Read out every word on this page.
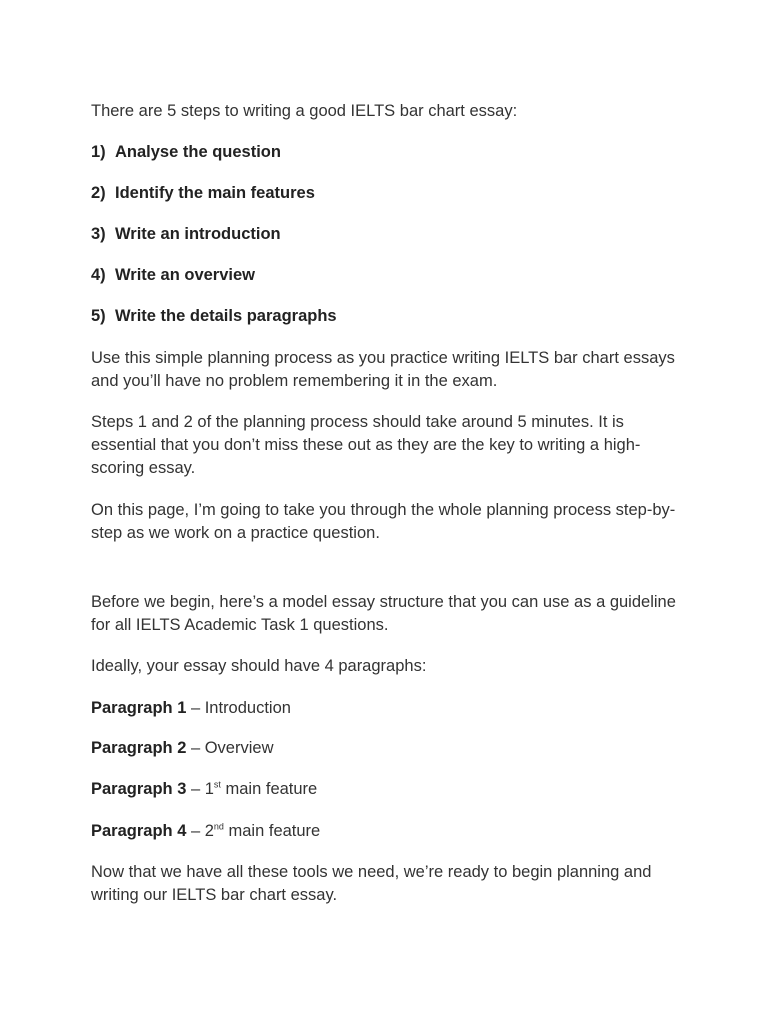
There are 5 steps to writing a good IELTS bar chart essay:

1) Analyse the question

2) Identify the main features

3) Write an introduction

4) Write an overview

5) Write the details paragraphs

Use this simple planning process as you practice writing IELTS bar chart essays and you’ll have no problem remembering it in the exam.

Steps 1 and 2 of the planning process should take around 5 minutes. It is essential that you don’t miss these out as they are the key to writing a high-scoring essay.

On this page, I’m going to take you through the whole planning process step-by-step as we work on a practice question.

Before we begin, here’s a model essay structure that you can use as a guideline for all IELTS Academic Task 1 questions.

Ideally, your essay should have 4 paragraphs:

Paragraph 1 – Introduction

Paragraph 2 – Overview

Paragraph 3 – 1st main feature

Paragraph 4 – 2nd main feature

Now that we have all these tools we need, we’re ready to begin planning and writing our IELTS bar chart essay.
